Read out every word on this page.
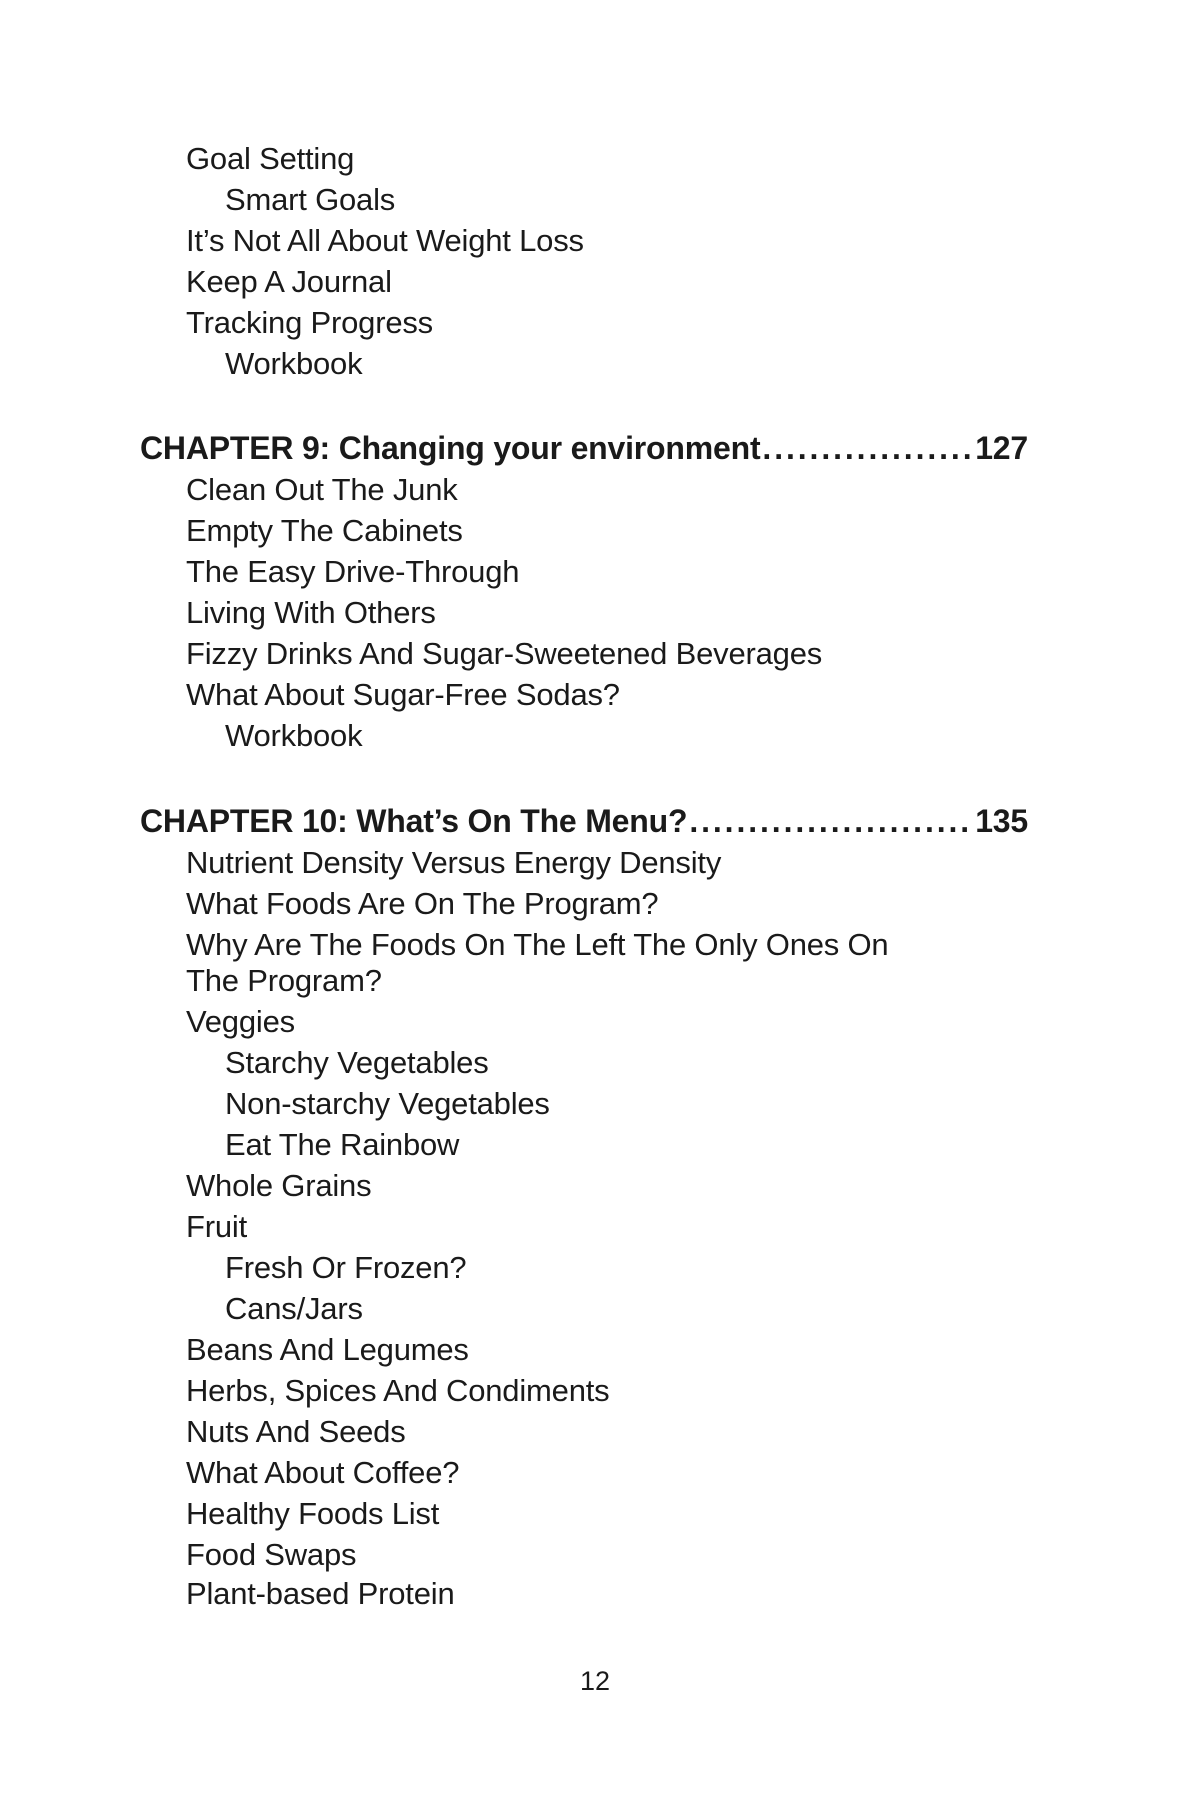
Goal Setting
Smart Goals
It’s Not All About Weight Loss
Keep A Journal
Tracking Progress
Workbook
CHAPTER 9: Changing your environment . . .	127
Clean Out The Junk
Empty The Cabinets
The Easy Drive-Through
Living With Others
Fizzy Drinks And Sugar-Sweetened Beverages
What About Sugar-Free Sodas?
Workbook
CHAPTER 10: What’s On The Menu? . . .	135
Nutrient Density Versus Energy Density
What Foods Are On The Program?
Why Are The Foods On The Left The Only Ones On
The Program?
Veggies
Starchy Vegetables
Non-starchy Vegetables
Eat The Rainbow
Whole Grains
Fruit
Fresh Or Frozen?
Cans/Jars
Beans And Legumes
Herbs, Spices And Condiments
Nuts And Seeds
What About Coffee?
Healthy Foods List
Food Swaps
Plant-based Protein
12
